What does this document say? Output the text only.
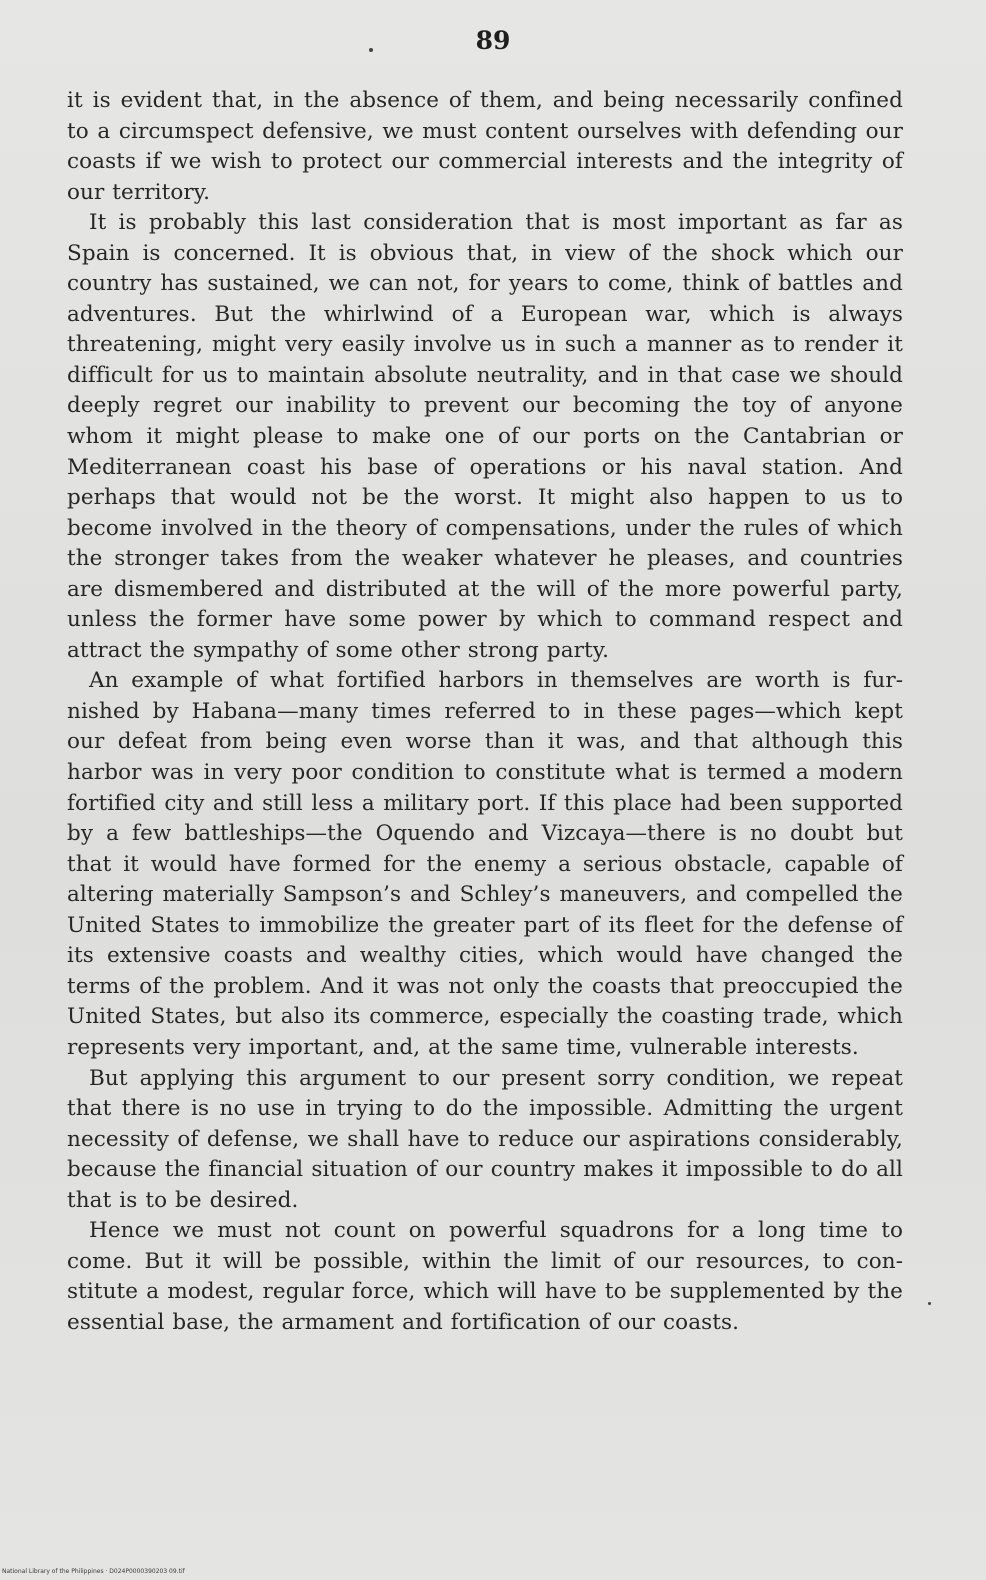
89

it is evident that, in the absence of them, and being necessarily confined to a circumspect defensive, we must content ourselves with defending our coasts if we wish to protect our commercial interests and the integrity of our territory.

It is probably this last consideration that is most important as far as Spain is concerned. It is obvious that, in view of the shock which our country has sustained, we can not, for years to come, think of battles and adventures. But the whirlwind of a European war, which is always threatening, might very easily involve us in such a manner as to render it difficult for us to maintain absolute neutrality, and in that case we should deeply regret our inability to prevent our becoming the toy of anyone whom it might please to make one of our ports on the Cantabrian or Mediterranean coast his base of operations or his naval station. And perhaps that would not be the worst. It might also happen to us to become involved in the theory of compensations, under the rules of which the stronger takes from the weaker whatever he pleases, and countries are dismembered and distributed at the will of the more powerful party, unless the former have some power by which to command respect and attract the sympathy of some other strong party.

An example of what fortified harbors in themselves are worth is furnished by Habana—many times referred to in these pages—which kept our defeat from being even worse than it was, and that although this harbor was in very poor condition to constitute what is termed a modern fortified city and still less a military port. If this place had been supported by a few battleships—the Oquendo and Vizcaya—there is no doubt but that it would have formed for the enemy a serious obstacle, capable of altering materially Sampson’s and Schley’s maneuvers, and compelled the United States to immobilize the greater part of its fleet for the defense of its extensive coasts and wealthy cities, which would have changed the terms of the problem. And it was not only the coasts that preoccupied the United States, but also its commerce, especially the coasting trade, which represents very important, and, at the same time, vulnerable interests.

But applying this argument to our present sorry condition, we repeat that there is no use in trying to do the impossible. Admitting the urgent necessity of defense, we shall have to reduce our aspirations considerably, because the financial situation of our country makes it impossible to do all that is to be desired.

Hence we must not count on powerful squadrons for a long time to come. But it will be possible, within the limit of our resources, to constitute a modest, regular force, which will have to be supplemented by the essential base, the armament and fortification of our coasts.

National Library of the Philippines · D024P0000390203 09.tif
